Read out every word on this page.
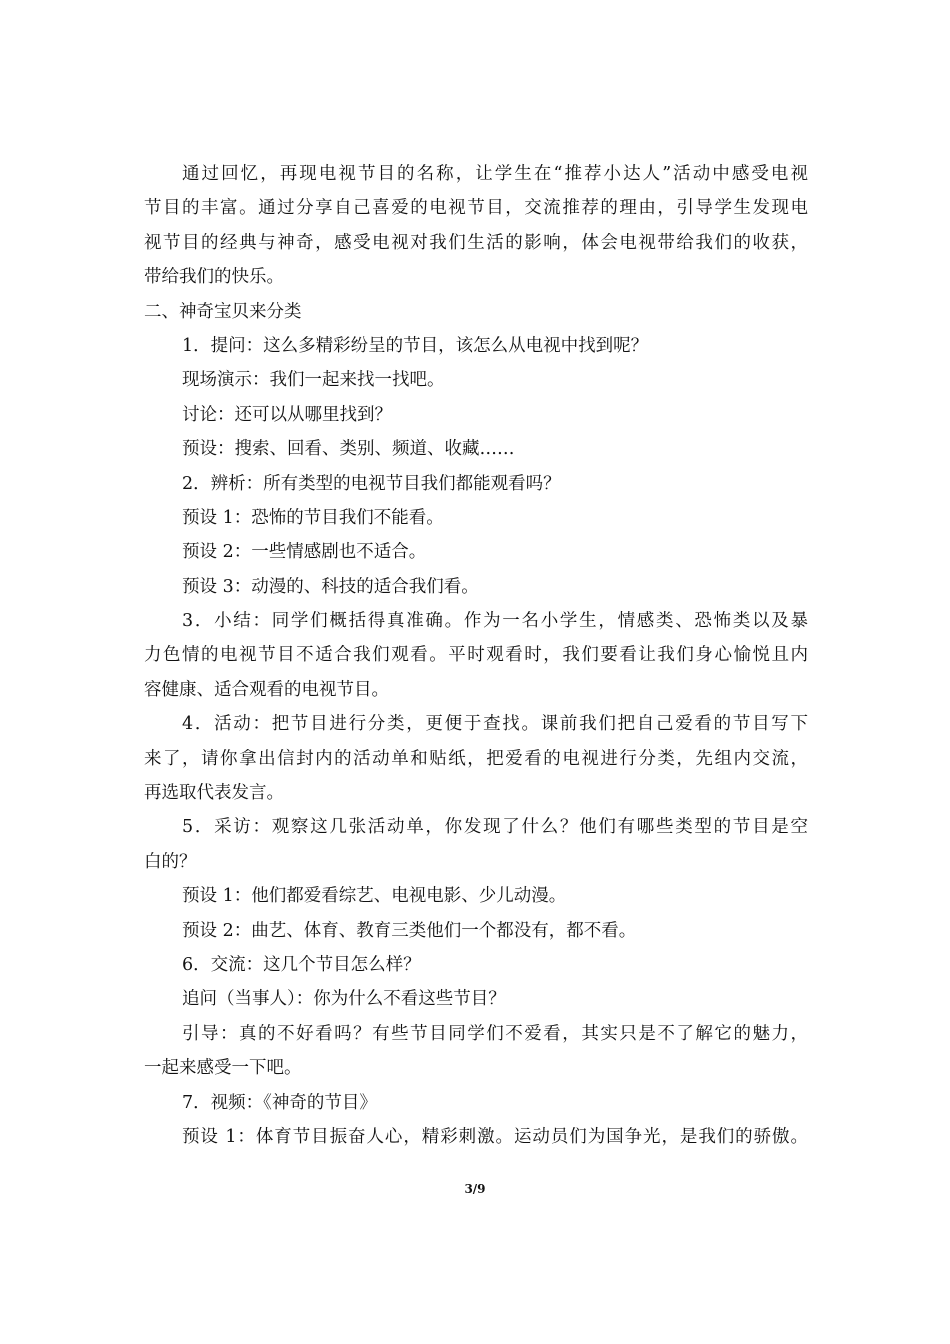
通过回忆，再现电视节目的名称，让学生在“推荐小达人”活动中感受电视

节目的丰富。通过分享自己喜爱的电视节目，交流推荐的理由，引导学生发现电

视节目的经典与神奇，感受电视对我们生活的影响，体会电视带给我们的收获，

带给我们的快乐。

二、神奇宝贝来分类

1．提问：这么多精彩纷呈的节目，该怎么从电视中找到呢？

现场演示：我们一起来找一找吧。

讨论：还可以从哪里找到？

预设：搜索、回看、类别、频道、收藏……

2．辨析：所有类型的电视节目我们都能观看吗？

预设 1：恐怖的节目我们不能看。

预设 2：一些情感剧也不适合。

预设 3：动漫的、科技的适合我们看。

3．小结：同学们概括得真准确。作为一名小学生，情感类、恐怖类以及暴

力色情的电视节目不适合我们观看。平时观看时，我们要看让我们身心愉悦且内

容健康、适合观看的电视节目。

4．活动：把节目进行分类，更便于查找。课前我们把自己爱看的节目写下

来了，请你拿出信封内的活动单和贴纸，把爱看的电视进行分类，先组内交流，

再选取代表发言。

5．采访：观察这几张活动单，你发现了什么？他们有哪些类型的节目是空

白的？

预设 1：他们都爱看综艺、电视电影、少儿动漫。

预设 2：曲艺、体育、教育三类他们一个都没有，都不看。

6．交流：这几个节目怎么样？

追问（当事人）：你为什么不看这些节目？

引导：真的不好看吗？有些节目同学们不爱看，其实只是不了解它的魅力，

一起来感受一下吧。

7．视频：《神奇的节目》

预设 1：体育节目振奋人心，精彩刺激。运动员们为国争光，是我们的骄傲。

3/9
